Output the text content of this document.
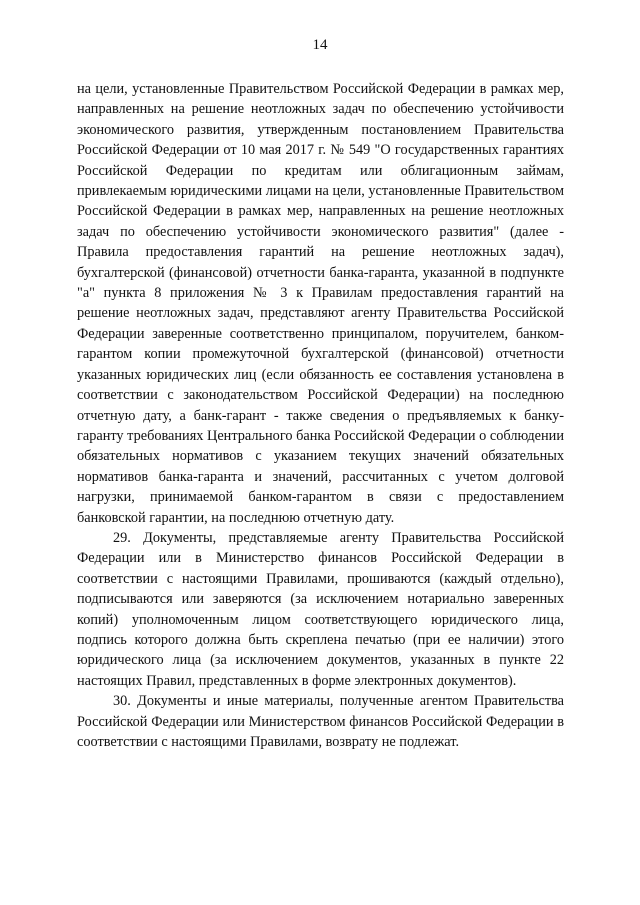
14

на цели, установленные Правительством Российской Федерации в рамках мер, направленных на решение неотложных задач по обеспечению устойчивости экономического развития, утвержденным постановлением Правительства Российской Федерации от 10 мая 2017 г. № 549 "О государственных гарантиях Российской Федерации по кредитам или облигационным займам, привлекаемым юридическими лицами на цели, установленные Правительством Российской Федерации в рамках мер, направленных на решение неотложных задач по обеспечению устойчивости экономического развития" (далее - Правила предоставления гарантий на решение неотложных задач), бухгалтерской (финансовой) отчетности банка-гаранта, указанной в подпункте "а" пункта 8 приложения № 3 к Правилам предоставления гарантий на решение неотложных задач, представляют агенту Правительства Российской Федерации заверенные соответственно принципалом, поручителем, банком-гарантом копии промежуточной бухгалтерской (финансовой) отчетности указанных юридических лиц (если обязанность ее составления установлена в соответствии с законодательством Российской Федерации) на последнюю отчетную дату, а банк-гарант - также сведения о предъявляемых к банку-гаранту требованиях Центрального банка Российской Федерации о соблюдении обязательных нормативов с указанием текущих значений обязательных нормативов банка-гаранта и значений, рассчитанных с учетом долговой нагрузки, принимаемой банком-гарантом в связи с предоставлением банковской гарантии, на последнюю отчетную дату.

29. Документы, представляемые агенту Правительства Российской Федерации или в Министерство финансов Российской Федерации в соответствии с настоящими Правилами, прошиваются (каждый отдельно), подписываются или заверяются (за исключением нотариально заверенных копий) уполномоченным лицом соответствующего юридического лица, подпись которого должна быть скреплена печатью (при ее наличии) этого юридического лица (за исключением документов, указанных в пункте 22 настоящих Правил, представленных в форме электронных документов).

30. Документы и иные материалы, полученные агентом Правительства Российской Федерации или Министерством финансов Российской Федерации в соответствии с настоящими Правилами, возврату не подлежат.
